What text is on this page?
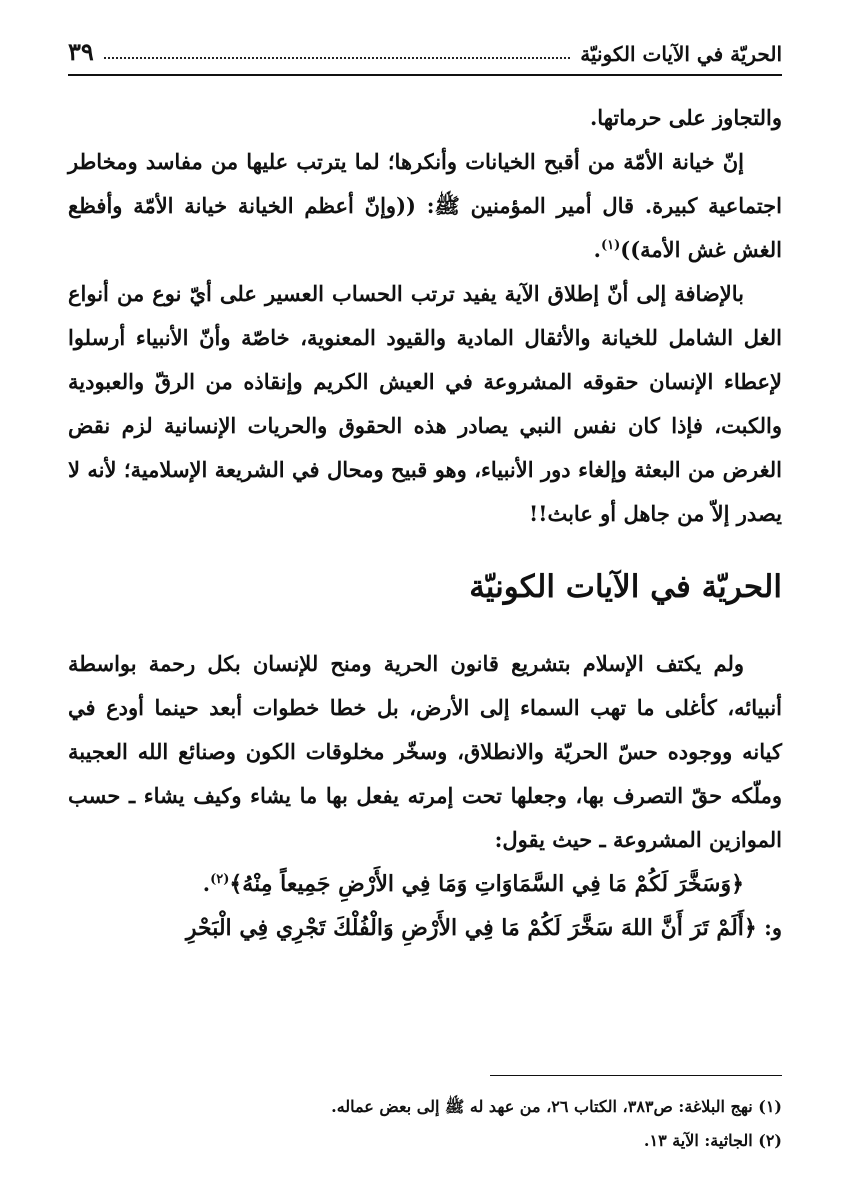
الحريّة في الآيات الكونيّة
٣٩

والتجاوز على حرماتها.

إنّ خيانة الأمّة من أقبح الخيانات وأنكرها؛ لما يترتب عليها من مفاسد ومخاطر اجتماعية كبيرة. قال أمير المؤمنين ﷺ: ((وإنّ أعظم الخيانة خيانة الأمّة وأفظع الغش غش الأمة))$^{(١)}$.

بالإضافة إلى أنّ إطلاق الآية يفيد ترتب الحساب العسير على أيّ نوع من أنواع الغل الشامل للخيانة والأثقال المادية والقيود المعنوية، خاصّة وأنّ الأنبياء أرسلوا لإعطاء الإنسان حقوقه المشروعة في العيش الكريم وإنقاذه من الرقّ والعبودية والكبت، فإذا كان نفس النبي يصادر هذه الحقوق والحريات الإنسانية لزم نقض الغرض من البعثة وإلغاء دور الأنبياء، وهو قبيح ومحال في الشريعة الإسلامية؛ لأنه لا يصدر إلاّ من جاهل أو عابث!!

الحريّة في الآيات الكونيّة

ولم يكتف الإسلام بتشريع قانون الحرية ومنح للإنسان بكل رحمة بواسطة أنبيائه، كأغلى ما تهب السماء إلى الأرض، بل خطا خطوات أبعد حينما أودع في كيانه ووجوده حسّ الحريّة والانطلاق، وسخّر مخلوقات الكون وصنائع الله العجيبة وملّكه حقّ التصرف بها، وجعلها تحت إمرته يفعل بها ما يشاء وكيف يشاء ـ حسب الموازين المشروعة ـ حيث يقول:

﴿وَسَخَّرَ لَكُمْ مَا فِي السَّمَاوَاتِ وَمَا فِي الأَرْضِ جَمِيعاً مِنْهُ﴾$^{(٢)}$.

و: ﴿أَلَمْ تَرَ أَنَّ اللهَ سَخَّرَ لَكُمْ مَا فِي الأَرْضِ وَالْفُلْكَ تَجْرِي فِي الْبَحْرِ

(١) نهج البلاغة: ص٣٨٣، الكتاب ٢٦، من عهد له ﷺ إلى بعض عماله.

(٢) الجاثية: الآية ١٣.
